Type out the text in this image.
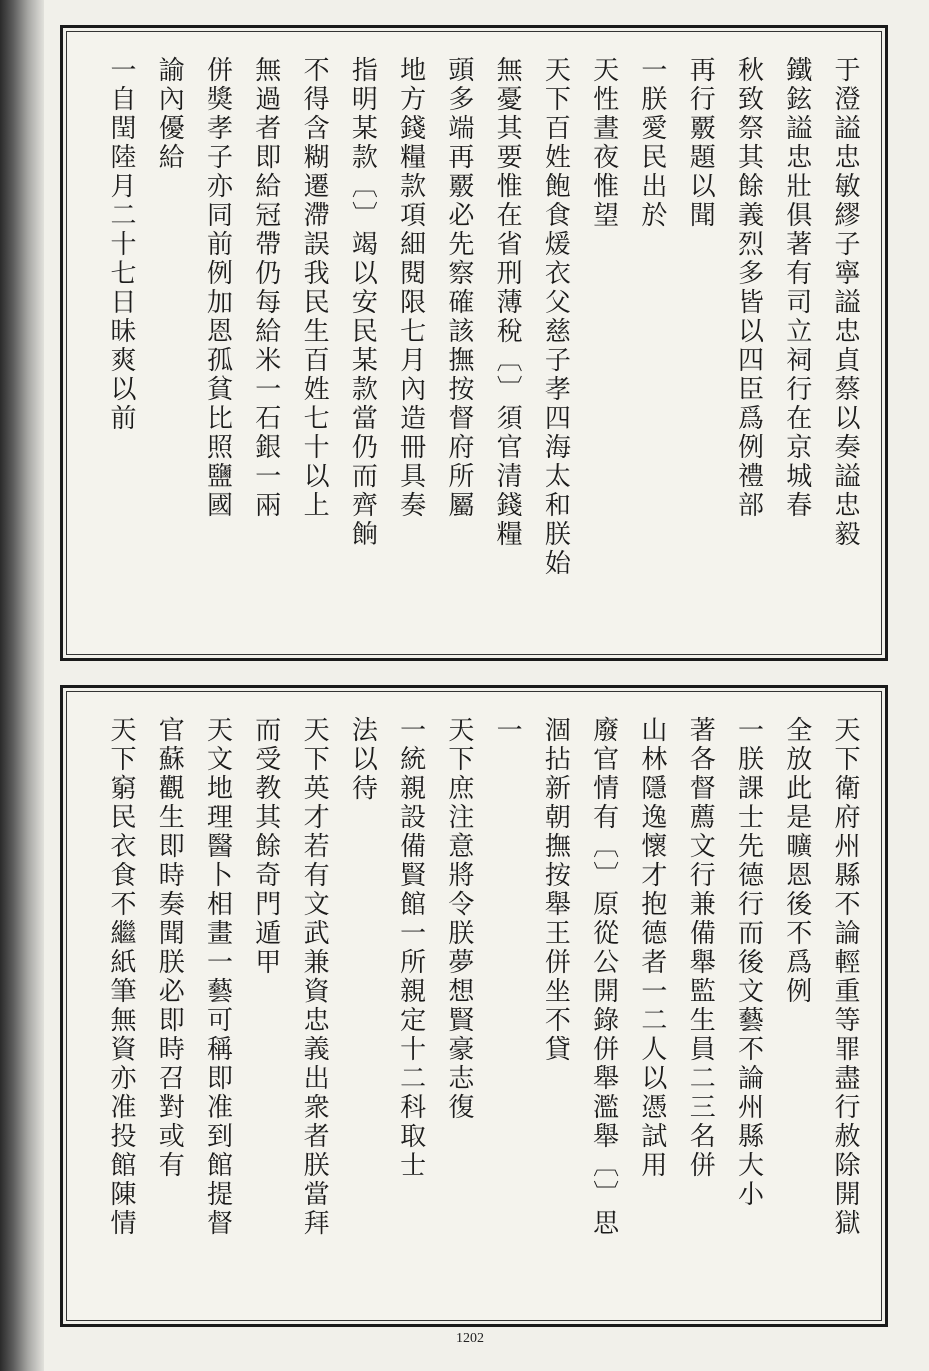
于澄謚忠敏繆子寧謚忠貞蔡以奏謚忠毅
鐵鉉謚忠壯俱著有司立祠行在京城春
秋致祭其餘義烈多皆以四臣爲例禮部
再行覈題以聞
一朕愛民出於
天性晝夜惟望
天下百姓飽食煖衣父慈子孝四海太和朕始
無憂其要惟在省刑薄稅〔〕須官清錢糧
頭多端再覈必先察確該撫按督府所屬
地方錢糧款項細閱限七月內造冊具奏
指明某款〔〕竭以安民某款當仍而齊餉
不得含糊遷滯誤我民生百姓七十以上
無過者即給冠帶仍每給米一石銀一兩
併獎孝子亦同前例加恩孤貧比照鹽國
諭內優給
一自閏陸月二十七日昧爽以前
天下衛府州縣不論輕重等罪盡行赦除開獄
全放此是曠恩後不爲例
一朕課士先德行而後文藝不論州縣大小
著各督薦文行兼備舉監生員二三名併
山林隱逸懷才抱德者一二人以憑試用
廢官情有〔〕原從公開錄併舉濫舉〔〕思
涸拈新朝撫按舉王併坐不貸
一
天下庶注意將令朕夢想賢豪志復
一統親設備賢館一所親定十二科取士
法以待
天下英才若有文武兼資忠義出衆者朕當拜
而受教其餘奇門遁甲
天文地理醫卜相畫一藝可稱即准到館提督
官蘇觀生即時奏聞朕必即時召對或有
天下窮民衣食不繼紙筆無資亦准投館陳情
1202
